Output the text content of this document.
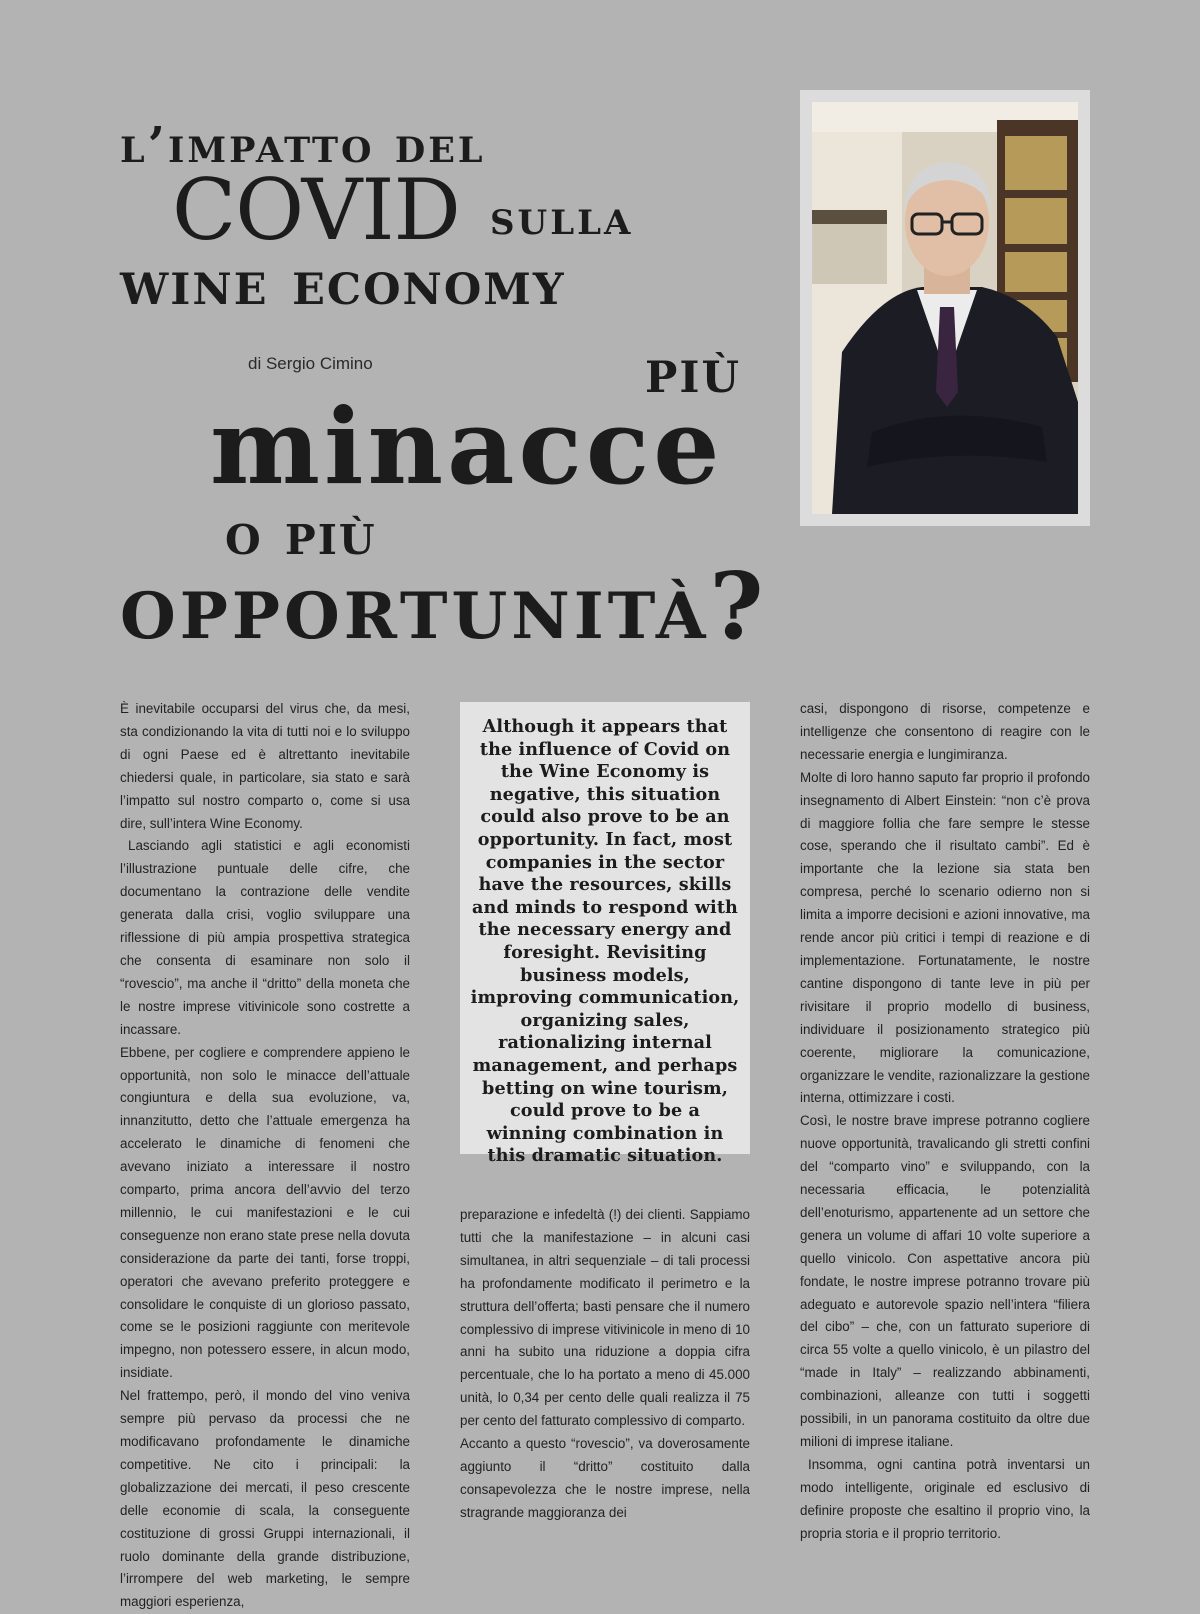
l’impatto del
COVID sulla
wine economy
più
minacce
o più
opportunità?
di Sergio Cimino

È inevitabile occuparsi del virus che, da mesi, sta condizionando la vita di tutti noi e lo sviluppo di ogni Paese ed è altrettanto inevitabile chiedersi quale, in particolare, sia stato e sarà l’impatto sul nostro comparto o, come si usa dire, sull’intera Wine Economy.

Lasciando agli statistici e agli economisti l’illustrazione puntuale delle cifre, che documentano la contrazione delle vendite generata dalla crisi, voglio sviluppare una riflessione di più ampia prospettiva strategica che consenta di esaminare non solo il “rovescio”, ma anche il “dritto” della moneta che le nostre imprese vitivinicole sono costrette a incassare.

Ebbene, per cogliere e comprendere appieno le opportunità, non solo le minacce dell’attuale congiuntura e della sua evoluzione, va, innanzitutto, detto che l’attuale emergenza ha accelerato le dinamiche di fenomeni che avevano iniziato a interessare il nostro comparto, prima ancora dell’avvio del terzo millennio, le cui manifestazioni e le cui conseguenze non erano state prese nella dovuta considerazione da parte dei tanti, forse troppi, operatori che avevano preferito proteggere e consolidare le conquiste di un glorioso passato, come se le posizioni raggiunte con meritevole impegno, non potessero essere, in alcun modo, insidiate.

Nel frattempo, però, il mondo del vino veniva sempre più pervaso da processi che ne modificavano profondamente le dinamiche competitive. Ne cito i principali: la globalizzazione dei mercati, il peso crescente delle economie di scala, la conseguente costituzione di grossi Gruppi internazionali, il ruolo dominante della grande distribuzione, l’irrompere del web marketing, le sempre maggiori esperienza,

Although it appears that the influence of Covid on the Wine Economy is negative, this situation could also prove to be an opportunity. In fact, most companies in the sector have the resources, skills and minds to respond with the necessary energy and foresight. Revisiting business models, improving communication, organizing sales, rationalizing internal management, and perhaps betting on wine tourism, could prove to be a winning combination in this dramatic situation.

preparazione e infedeltà (!) dei clienti. Sappiamo tutti che la manifestazione – in alcuni casi simultanea, in altri sequenziale – di tali processi ha profondamente modificato il perimetro e la struttura dell’offerta; basti pensare che il numero complessivo di imprese vitivinicole in meno di 10 anni ha subito una riduzione a doppia cifra percentuale, che lo ha portato a meno di 45.000 unità, lo 0,34 per cento delle quali realizza il 75 per cento del fatturato complessivo di comparto.

Accanto a questo “rovescio”, va doverosamente aggiunto il “dritto” costituito dalla consapevolezza che le nostre imprese, nella stragrande maggioranza dei

casi, dispongono di risorse, competenze e intelligenze che consentono di reagire con le necessarie energia e lungimiranza.

Molte di loro hanno saputo far proprio il profondo insegnamento di Albert Einstein: “non c’è prova di maggiore follia che fare sempre le stesse cose, sperando che il risultato cambi”. Ed è importante che la lezione sia stata ben compresa, perché lo scenario odierno non si limita a imporre decisioni e azioni innovative, ma rende ancor più critici i tempi di reazione e di implementazione. Fortunatamente, le nostre cantine dispongono di tante leve in più per rivisitare il proprio modello di business, individuare il posizionamento strategico più coerente, migliorare la comunicazione, organizzare le vendite, razionalizzare la gestione interna, ottimizzare i costi.

Così, le nostre brave imprese potranno cogliere nuove opportunità, travalicando gli stretti confini del “comparto vino” e sviluppando, con la necessaria efficacia, le potenzialità dell’enoturismo, appartenente ad un settore che genera un volume di affari 10 volte superiore a quello vinicolo. Con aspettative ancora più fondate, le nostre imprese potranno trovare più adeguato e autorevole spazio nell’intera “filiera del cibo” – che, con un fatturato superiore di circa 55 volte a quello vinicolo, è un pilastro del “made in Italy” – realizzando abbinamenti, combinazioni, alleanze con tutti i soggetti possibili, in un panorama costituito da oltre due milioni di imprese italiane.

Insomma, ogni cantina potrà inventarsi un modo intelligente, originale ed esclusivo di definire proposte che esaltino il proprio vino, la propria storia e il proprio territorio.
